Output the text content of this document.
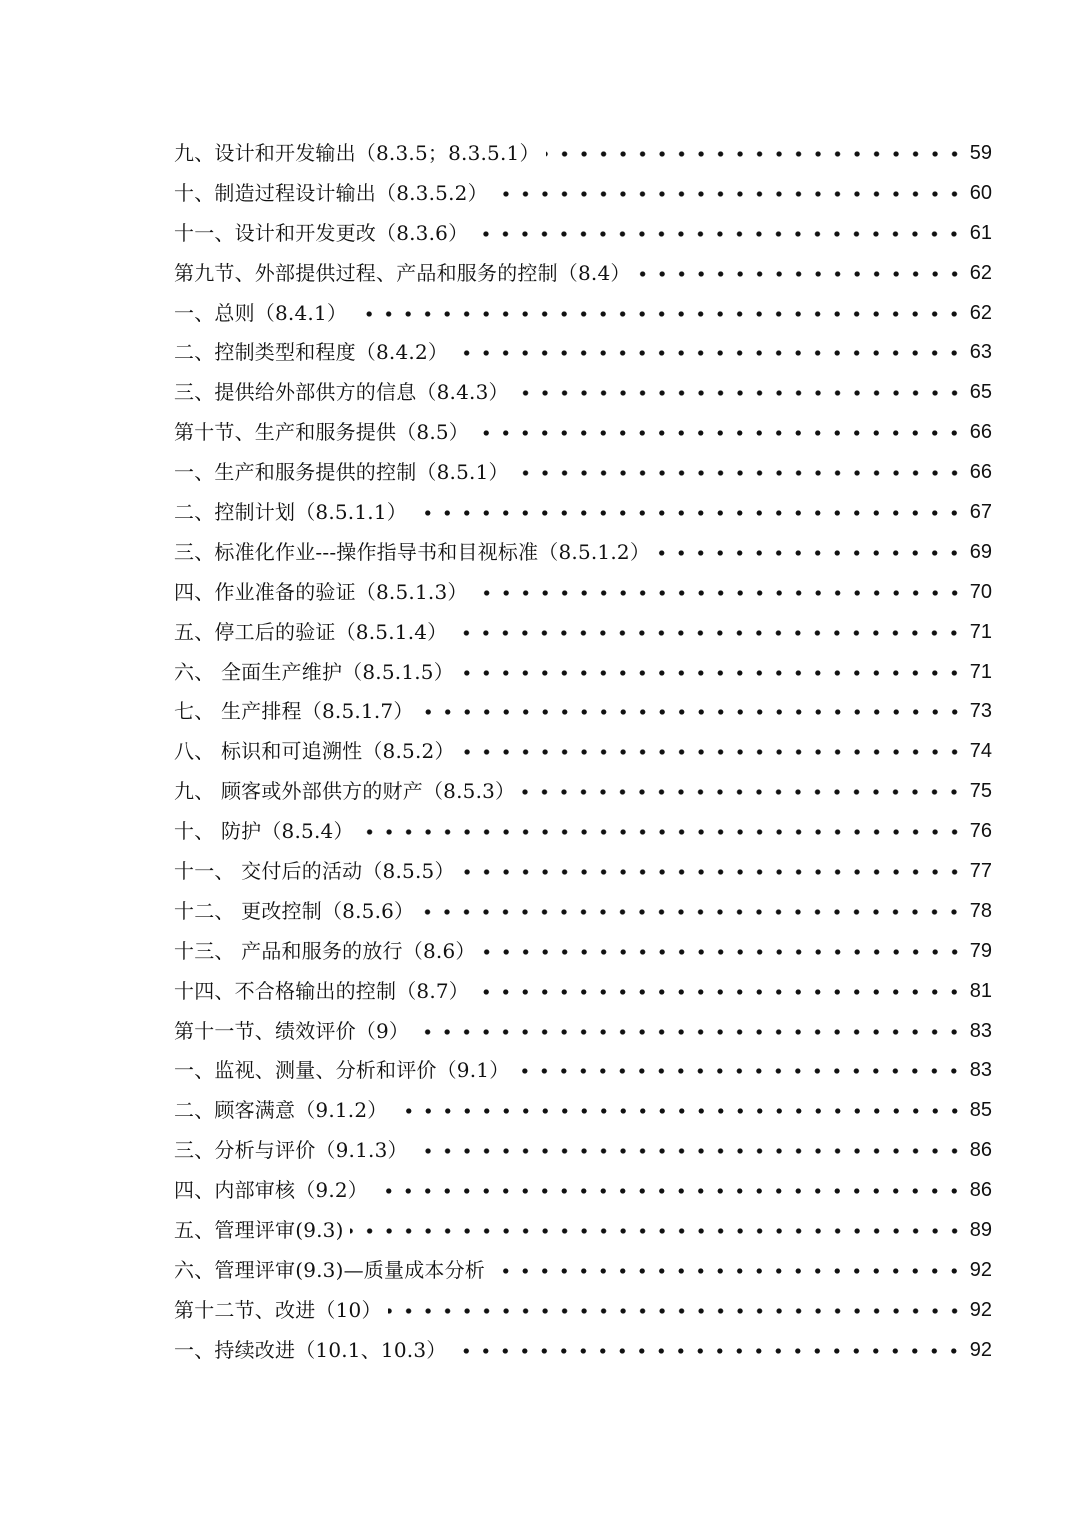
九、设计和开发输出（8.3.5；8.3.5.1）	59
十、制造过程设计输出（8.3.5.2）	60
十一、设计和开发更改（8.3.6）	61
第九节、外部提供过程、产品和服务的控制（8.4）	62
一、总则（8.4.1）	62
二、控制类型和程度（8.4.2）	63
三、提供给外部供方的信息（8.4.3）	65
第十节、生产和服务提供（8.5）	66
一、生产和服务提供的控制（8.5.1）	66
二、控制计划（8.5.1.1）	67
三、标准化作业---操作指导书和目视标准（8.5.1.2）	69
四、作业准备的验证（8.5.1.3）	70
五、停工后的验证（8.5.1.4）	71
六、 全面生产维护（8.5.1.5）	71
七、 生产排程（8.5.1.7）	73
八、 标识和可追溯性（8.5.2）	74
九、 顾客或外部供方的财产（8.5.3）	75
十、 防护（8.5.4）	76
十一、 交付后的活动（8.5.5）	77
十二、 更改控制（8.5.6）	78
十三、 产品和服务的放行（8.6）	79
十四、不合格输出的控制（8.7）	81
第十一节、绩效评价（9）	83
一、监视、测量、分析和评价（9.1）	83
二、顾客满意（9.1.2）	85
三、分析与评价（9.1.3）	86
四、内部审核（9.2）	86
五、管理评审(9.3)	89
六、管理评审(9.3)—质量成本分析	92
第十二节、改进（10）	92
一、持续改进（10.1、10.3）	92
